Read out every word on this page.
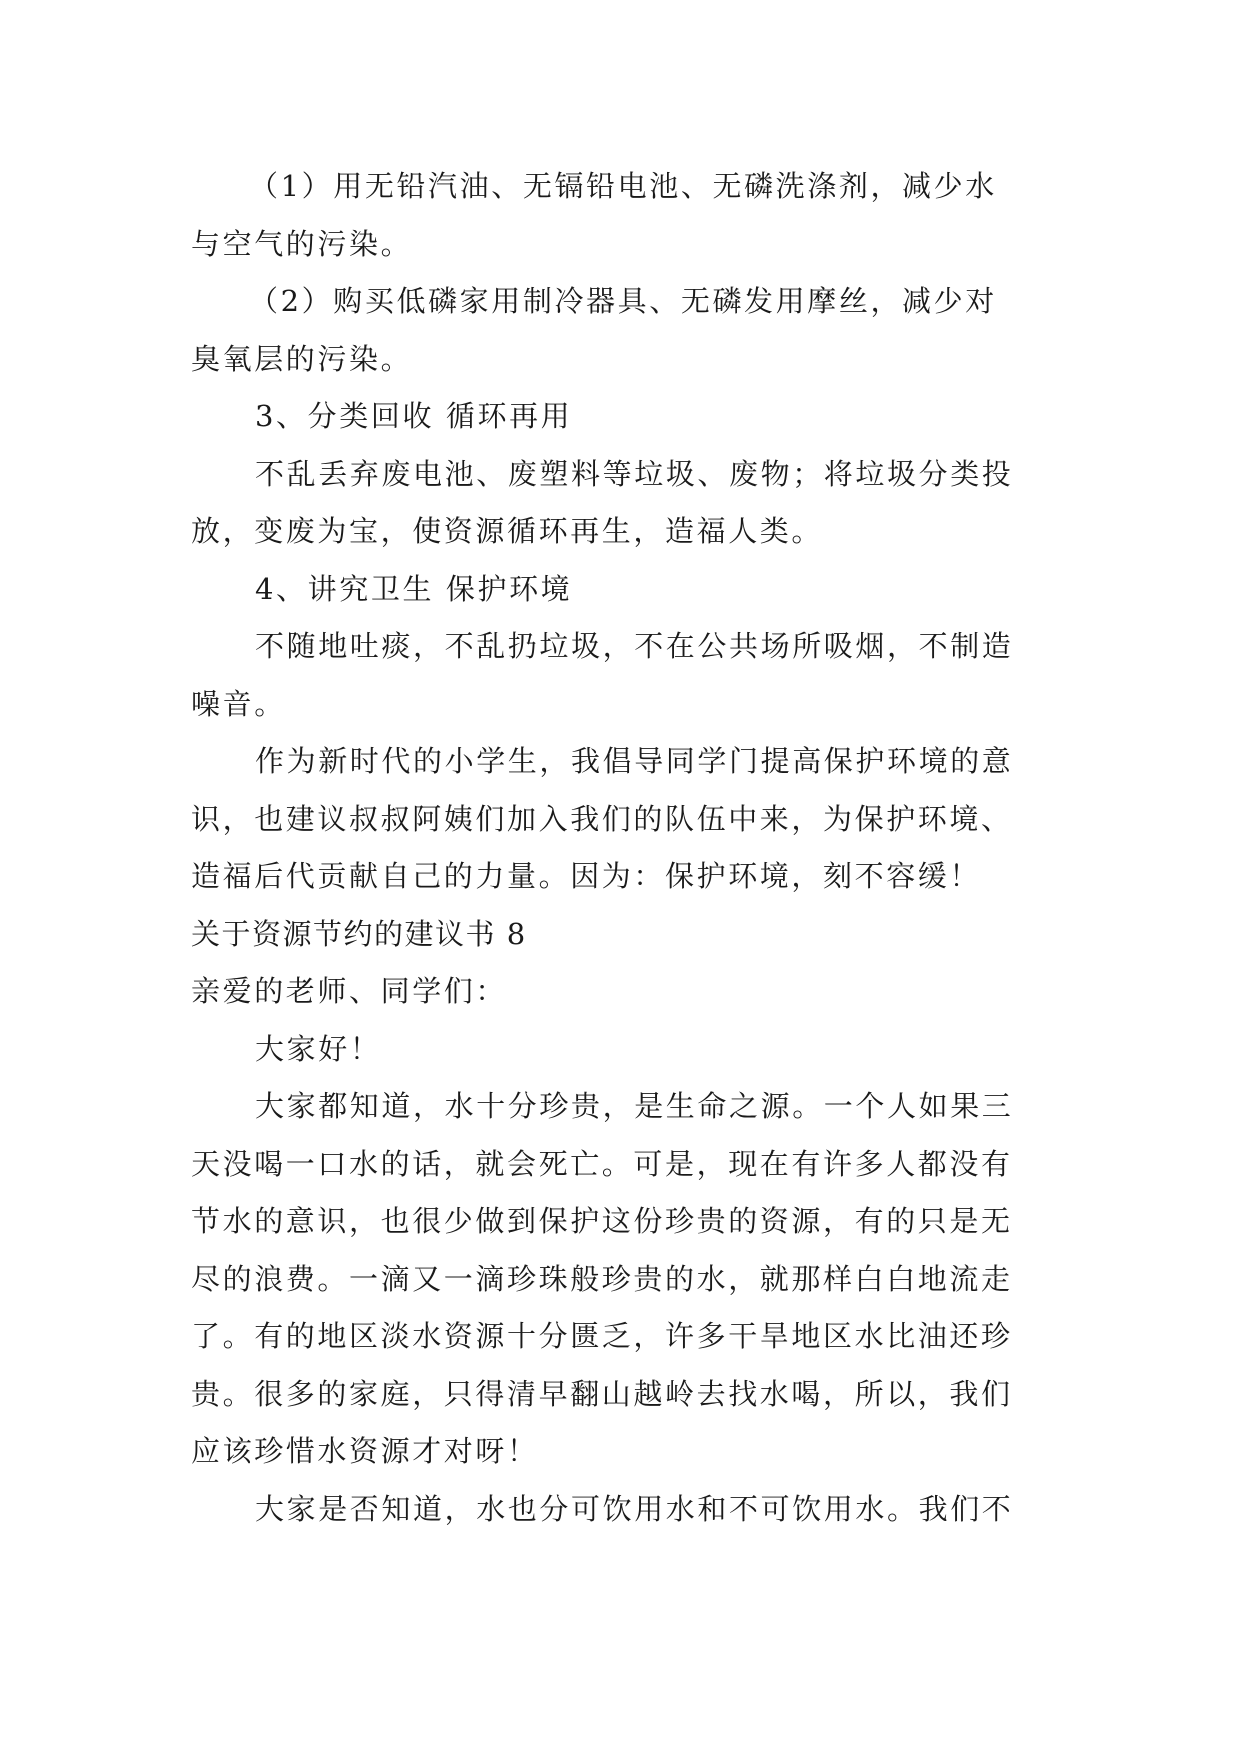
（1）用无铅汽油、无镉铅电池、无磷洗涤剂，减少水
与空气的污染。
（2）购买低磷家用制冷器具、无磷发用摩丝，减少对
臭氧层的污染。
3、分类回收 循环再用
不乱丢弃废电池、废塑料等垃圾、废物；将垃圾分类投
放，变废为宝，使资源循环再生，造福人类。
4、讲究卫生 保护环境
不随地吐痰，不乱扔垃圾，不在公共场所吸烟，不制造
噪音。
作为新时代的小学生，我倡导同学门提高保护环境的意
识，也建议叔叔阿姨们加入我们的队伍中来，为保护环境、
造福后代贡献自己的力量。因为：保护环境，刻不容缓！
关于资源节约的建议书 8
亲爱的老师、同学们：
大家好！
大家都知道，水十分珍贵，是生命之源。一个人如果三
天没喝一口水的话，就会死亡。可是，现在有许多人都没有
节水的意识，也很少做到保护这份珍贵的资源，有的只是无
尽的浪费。一滴又一滴珍珠般珍贵的水，就那样白白地流走
了。有的地区淡水资源十分匮乏，许多干旱地区水比油还珍
贵。很多的家庭，只得清早翻山越岭去找水喝，所以，我们
应该珍惜水资源才对呀！
大家是否知道，水也分可饮用水和不可饮用水。我们不
